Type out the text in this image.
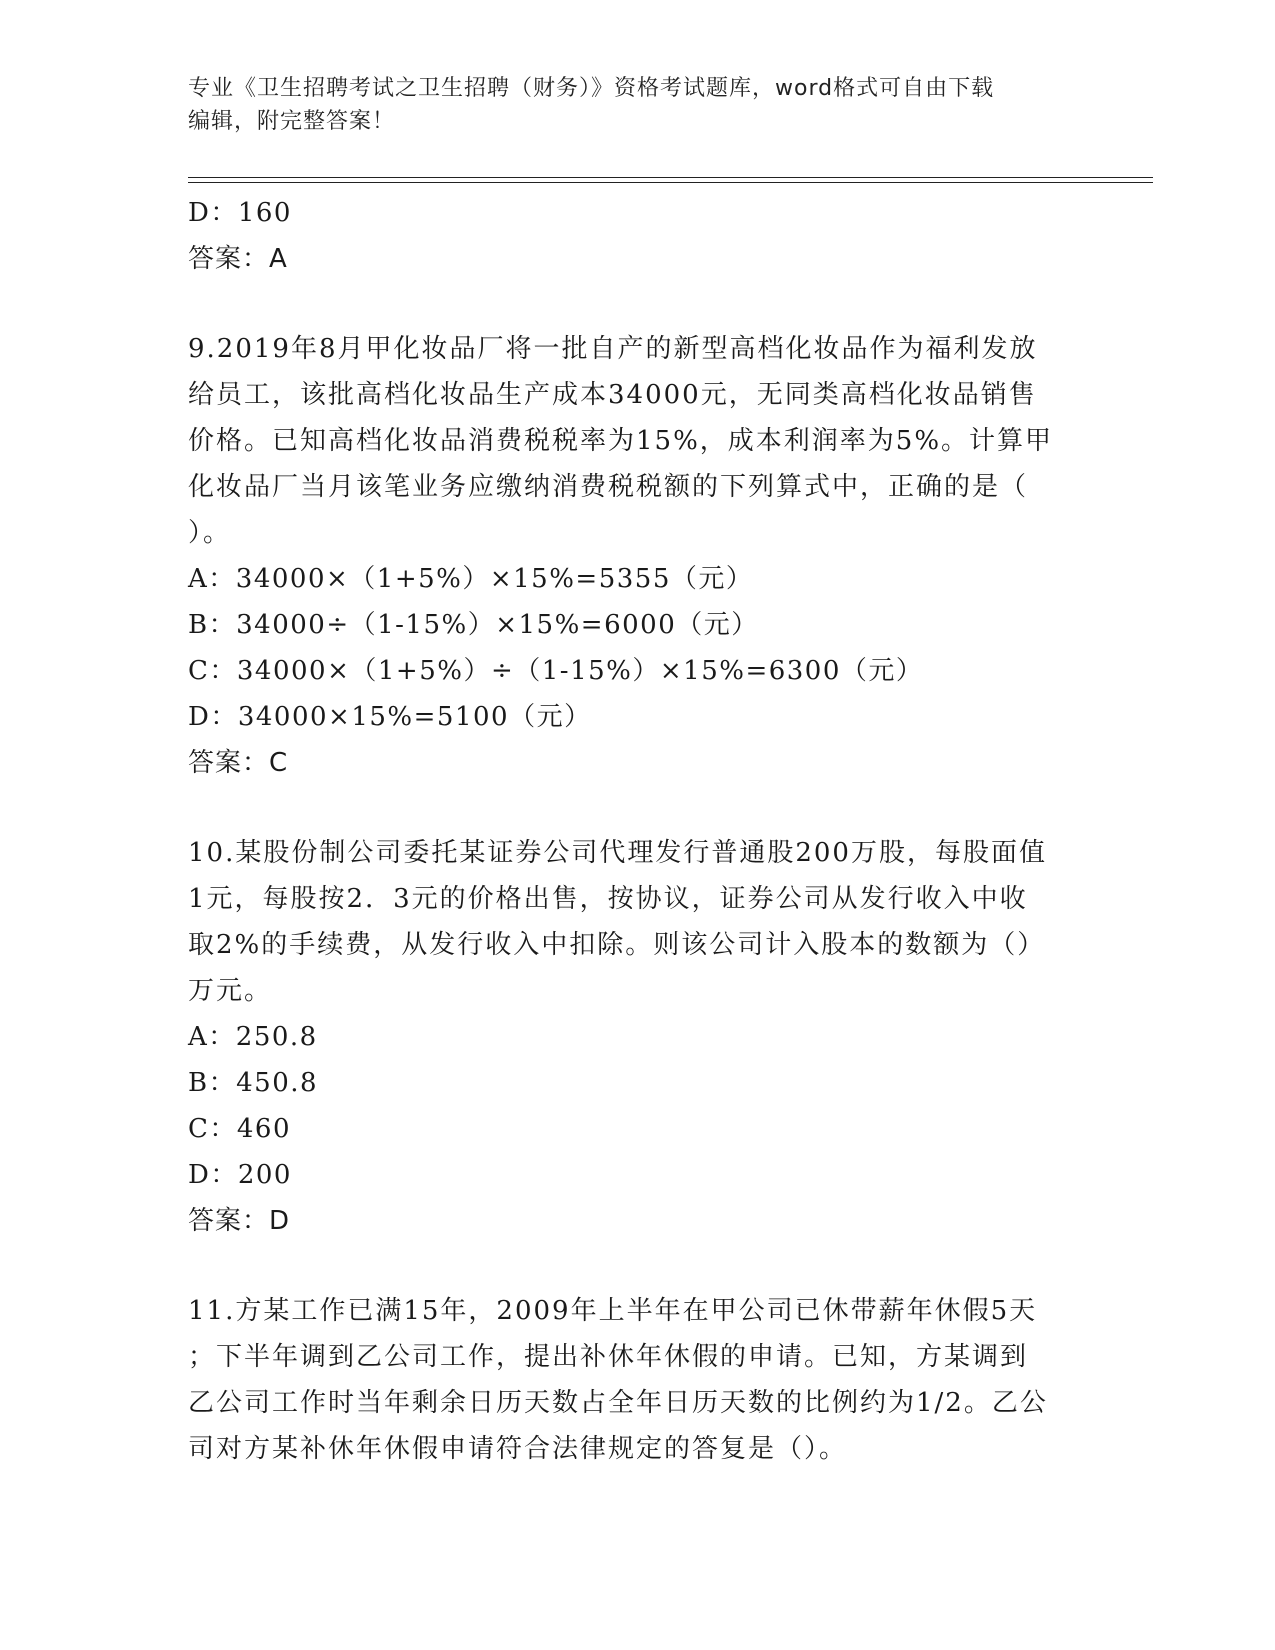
专业《卫生招聘考试之卫生招聘（财务）》资格考试题库，word格式可自由下载
编辑，附完整答案！
D：160
答案：A
9.2019年8月甲化妆品厂将一批自产的新型高档化妆品作为福利发放
给员工，该批高档化妆品生产成本34000元，无同类高档化妆品销售
价格。已知高档化妆品消费税税率为15%，成本利润率为5%。计算甲
化妆品厂当月该笔业务应缴纳消费税税额的下列算式中，正确的是（
）。
A：34000×（1+5%）×15%=5355（元）
B：34000÷（1-15%）×15%=6000（元）
C：34000×（1+5%）÷（1-15%）×15%=6300（元）
D：34000×15%=5100（元）
答案：C
10.某股份制公司委托某证券公司代理发行普通股200万股，每股面值
1元，每股按2．3元的价格出售，按协议，证券公司从发行收入中收
取2%的手续费，从发行收入中扣除。则该公司计入股本的数额为（）
万元。
A：250.8
B：450.8
C：460
D：200
答案：D
11.方某工作已满15年，2009年上半年在甲公司已休带薪年休假5天
；下半年调到乙公司工作，提出补休年休假的申请。已知，方某调到
乙公司工作时当年剩余日历天数占全年日历天数的比例约为1/2。乙公
司对方某补休年休假申请符合法律规定的答复是（）。
